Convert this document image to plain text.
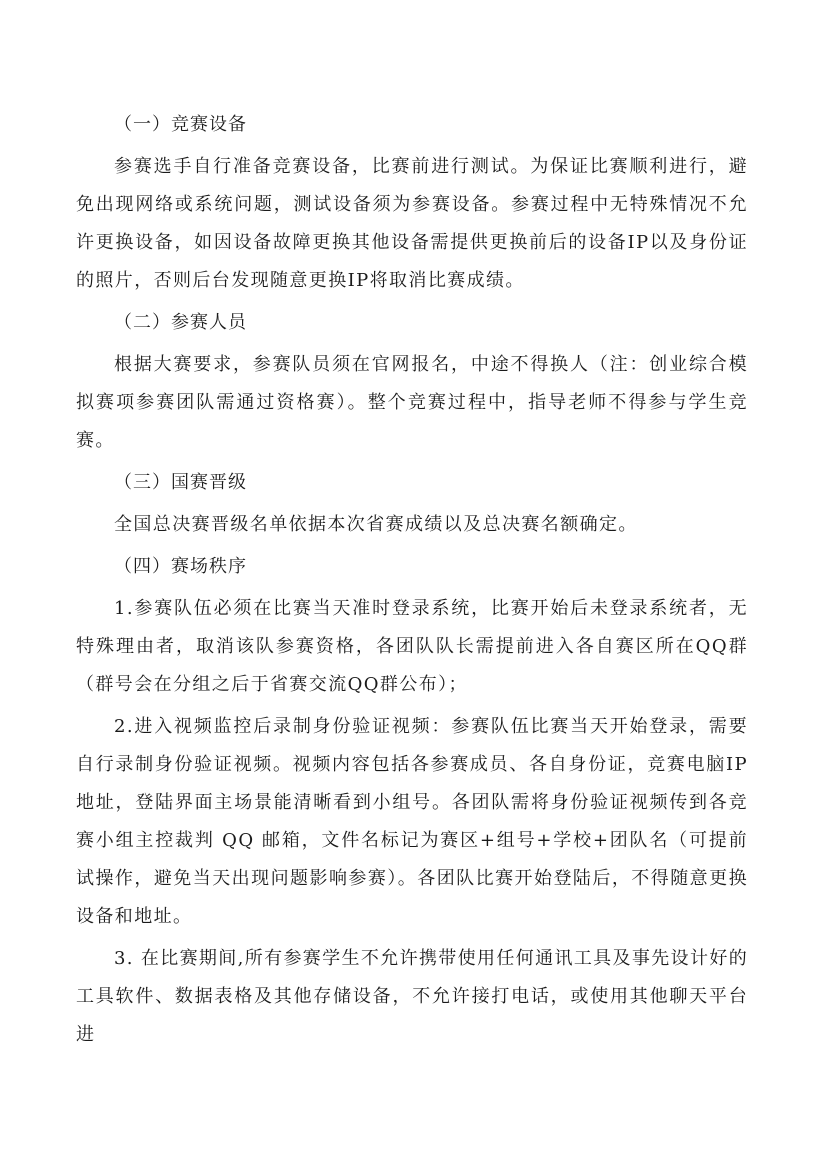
（一）竞赛设备

参赛选手自行准备竞赛设备，比赛前进行测试。为保证比赛顺利进行，避免出现网络或系统问题，测试设备须为参赛设备。参赛过程中无特殊情况不允许更换设备，如因设备故障更换其他设备需提供更换前后的设备IP以及身份证的照片，否则后台发现随意更换IP将取消比赛成绩。

（二）参赛人员

根据大赛要求，参赛队员须在官网报名，中途不得换人（注：创业综合模拟赛项参赛团队需通过资格赛）。整个竞赛过程中，指导老师不得参与学生竞赛。

（三）国赛晋级

全国总决赛晋级名单依据本次省赛成绩以及总决赛名额确定。

（四）赛场秩序

1.参赛队伍必须在比赛当天准时登录系统，比赛开始后未登录系统者，无特殊理由者，取消该队参赛资格，各团队队长需提前进入各自赛区所在QQ群（群号会在分组之后于省赛交流QQ群公布）；

2.进入视频监控后录制身份验证视频：参赛队伍比赛当天开始登录，需要自行录制身份验证视频。视频内容包括各参赛成员、各自身份证，竞赛电脑IP地址，登陆界面主场景能清晰看到小组号。各团队需将身份验证视频传到各竞赛小组主控裁判 QQ 邮箱，文件名标记为赛区+组号+学校+团队名（可提前试操作，避免当天出现问题影响参赛）。各团队比赛开始登陆后，不得随意更换设备和地址。

3. 在比赛期间,所有参赛学生不允许携带使用任何通讯工具及事先设计好的工具软件、数据表格及其他存储设备，不允许接打电话，或使用其他聊天平台进
